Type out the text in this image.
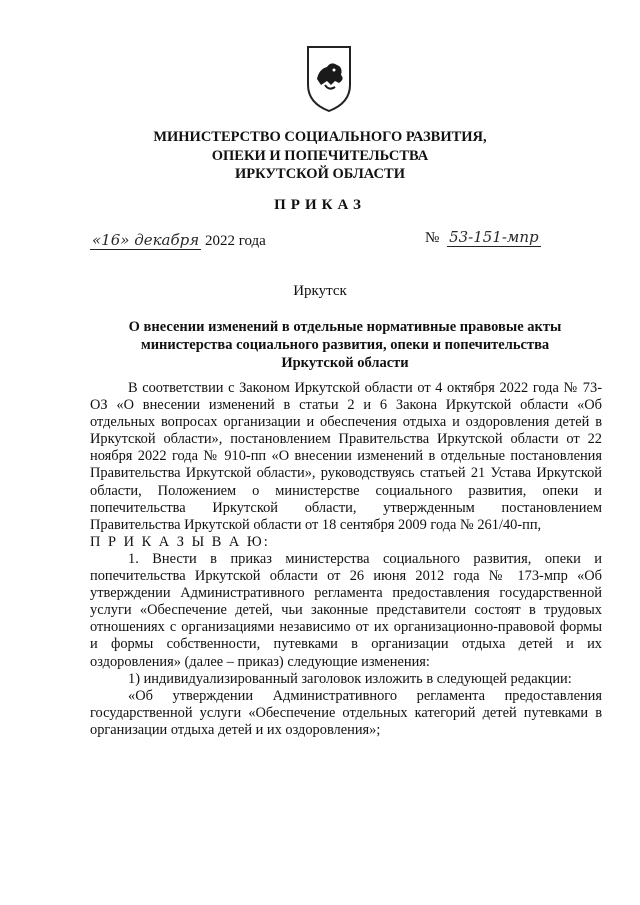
МИНИСТЕРСТВО СОЦИАЛЬНОГО РАЗВИТИЯ,
ОПЕКИ И ПОПЕЧИТЕЛЬСТВА
ИРКУТСКОЙ ОБЛАСТИ
ПРИКАЗ
«16» декабря 2022 года	№ 53-151-мпр
Иркутск
О внесении изменений в отдельные нормативные правовые акты
министерства социального развития, опеки и попечительства
Иркутской области

В соответствии с Законом Иркутской области от 4 октября 2022 года № 73-ОЗ «О внесении изменений в статьи 2 и 6 Закона Иркутской области «Об отдельных вопросах организации и обеспечения отдыха и оздоровления детей в Иркутской области», постановлением Правительства Иркутской области от 22 ноября 2022 года № 910-пп «О внесении изменений в отдельные постановления Правительства Иркутской области», руководствуясь статьей 21 Устава Иркутской области, Положением о министерстве социального развития, опеки и попечительства Иркутской области, утвержденным постановлением Правительства Иркутской области от 18 сентября 2009 года № 261/40-пп,

П Р И К А З Ы В А Ю:

1. Внести в приказ министерства социального развития, опеки и попечительства Иркутской области от 26 июня 2012 года № 173-мпр «Об утверждении Административного регламента предоставления государственной услуги «Обеспечение детей, чьи законные представители состоят в трудовых отношениях с организациями независимо от их организационно-правовой формы и формы собственности, путевками в организации отдыха детей и их оздоровления» (далее – приказ) следующие изменения:

1) индивидуализированный заголовок изложить в следующей редакции:

«Об утверждении Административного регламента предоставления государственной услуги «Обеспечение отдельных категорий детей путевками в организации отдыха детей и их оздоровления»;
